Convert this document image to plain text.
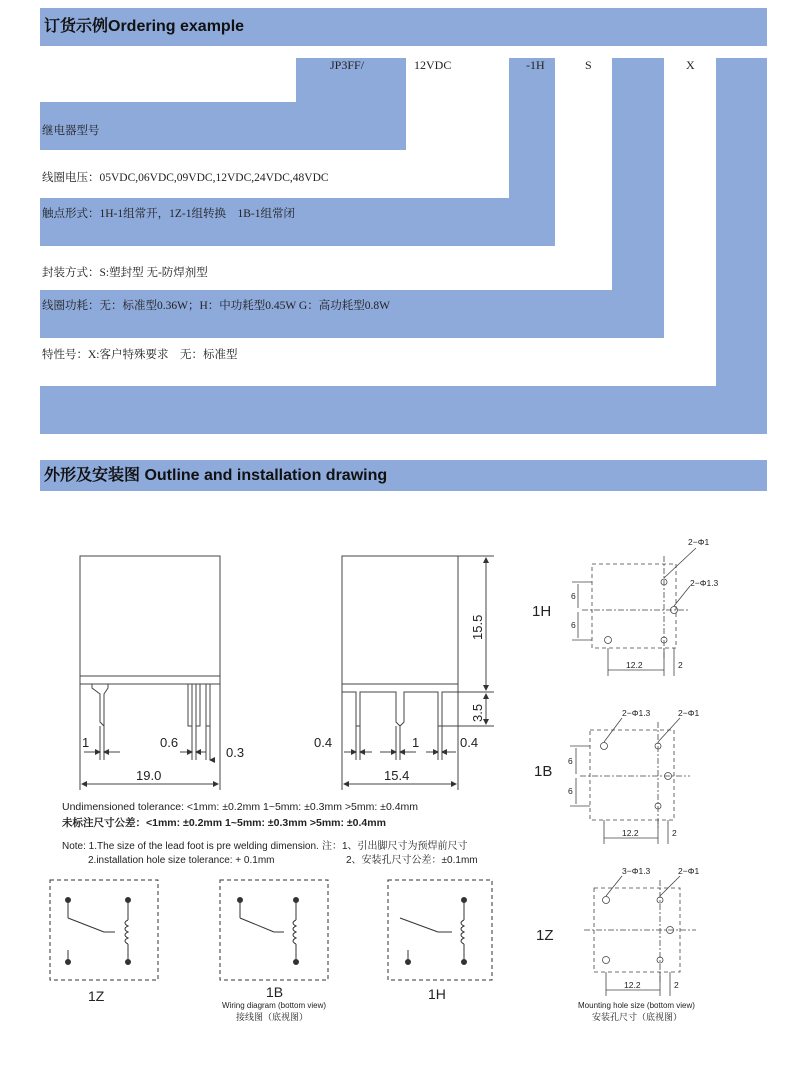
订货示例Ordering example
JP3FF/	12VDC	-1H	S	X
继电器型号
线圈电压：05VDC,06VDC,09VDC,12VDC,24VDC,48VDC
触点形式：1H-1组常开，1Z-1组转换　1B-1组常闭
封装方式：S:塑封型 无-防焊剂型
线圈功耗：无：标准型0.36W；H：中功耗型0.45W G：高功耗型0.8W
特性号：X:客户特殊要求　无：标准型
外形及安装图 Outline and installation drawing
1	0.6
0.3
19.0
0.4	1	0.4
15.4
15.5
3.5
Undimensioned tolerance: <1mm: ±0.2mm 1~5mm: ±0.3mm >5mm: ±0.4mm
未标注尺寸公差：<1mm: ±0.2mm 1~5mm: ±0.3mm >5mm: ±0.4mm
Note: 1.The size of the lead foot is pre welding dimension.
2.installation hole size tolerance: + 0.1mm
注：1、引出脚尺寸为预焊前尺寸
2、安装孔尺寸公差：±0.1mm
1Z	1B	1H
Wiring diagram (bottom view)
接线图（底视图）
2−Φ1
2−Φ1.3
6
6
12.2	2
1H
2−Φ1.3	2−Φ1
6
6
12.2	2
1B
3−Φ1.3	2−Φ1
12.2	2
1Z
Mounting hole size (bottom view)
安装孔尺寸（底视图）
